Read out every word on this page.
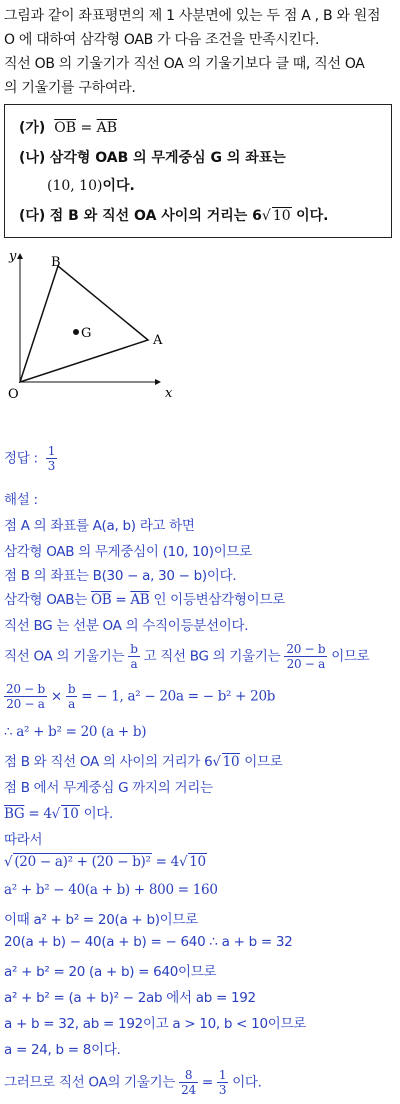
그림과 같이 좌표평면의 제 1 사분면에 있는 두 점 A , B 와 원점

O 에 대하여 삼각형 OAB 가 다음 조건을 만족시킨다.

직선 OB 의 기울기가 직선 OA 의 기울기보다 클 때, 직선 OA

의 기울기를 구하여라.

(가) $\overline{OB} = \overline{AB}$
(나) 삼각형 OAB 의 무게중심 G 의 좌표는
(10, 10)이다.
(다) 점 B 와 직선 OA 사이의 거리는 6√ 10 이다.
y
x
O
A
B
G
정답 : $\frac{1}{3}$
해설 :
점 A 의 좌표를 A(a, b) 라고 하면
삼각형 OAB 의 무게중심이 (10, 10)이므로
점 B 의 좌표는 B(30 − a, 30 − b)이다.
삼각형 OAB는 $\overline{OB} = \overline{AB}$ 인 이등변삼각형이므로
직선 BG 는 선분 OA 의 수직이등분선이다.
직선 OA 의 기울기는 $\frac{b}{a}$ 고 직선 BG 의 기울기는 $\frac{20 - b}{20 - a}$ 이므로
$\frac{20 - b}{20 - a} \times \frac{b}{a}$ = − 1, a² − 20a = − b² + 20b
∴ a² + b² = 20 (a + b)
점 B 와 직선 OA 의 사이의 거리가 6√ 10 이므로
점 B 에서 무게중심 G 까지의 거리는
$\overline{BG} = 4√$ 10 이다.
따라서
√ (20 − a)² + (20 − b)² = 4√ 10
a² + b² − 40(a + b) + 800 = 160
이때 a² + b² = 20(a + b)이므로
20(a + b) − 40(a + b) = − 640 ∴ a + b = 32
a² + b² = 20 (a + b) = 640이므로
a² + b² = (a + b)² − 2ab 에서 ab = 192
a + b = 32, ab = 192이고 a > 10, b < 10이므로
a = 24, b = 8이다.
그러므로 직선 OA의 기울기는 $\frac{8}{24} = \frac{1}{3}$ 이다.
